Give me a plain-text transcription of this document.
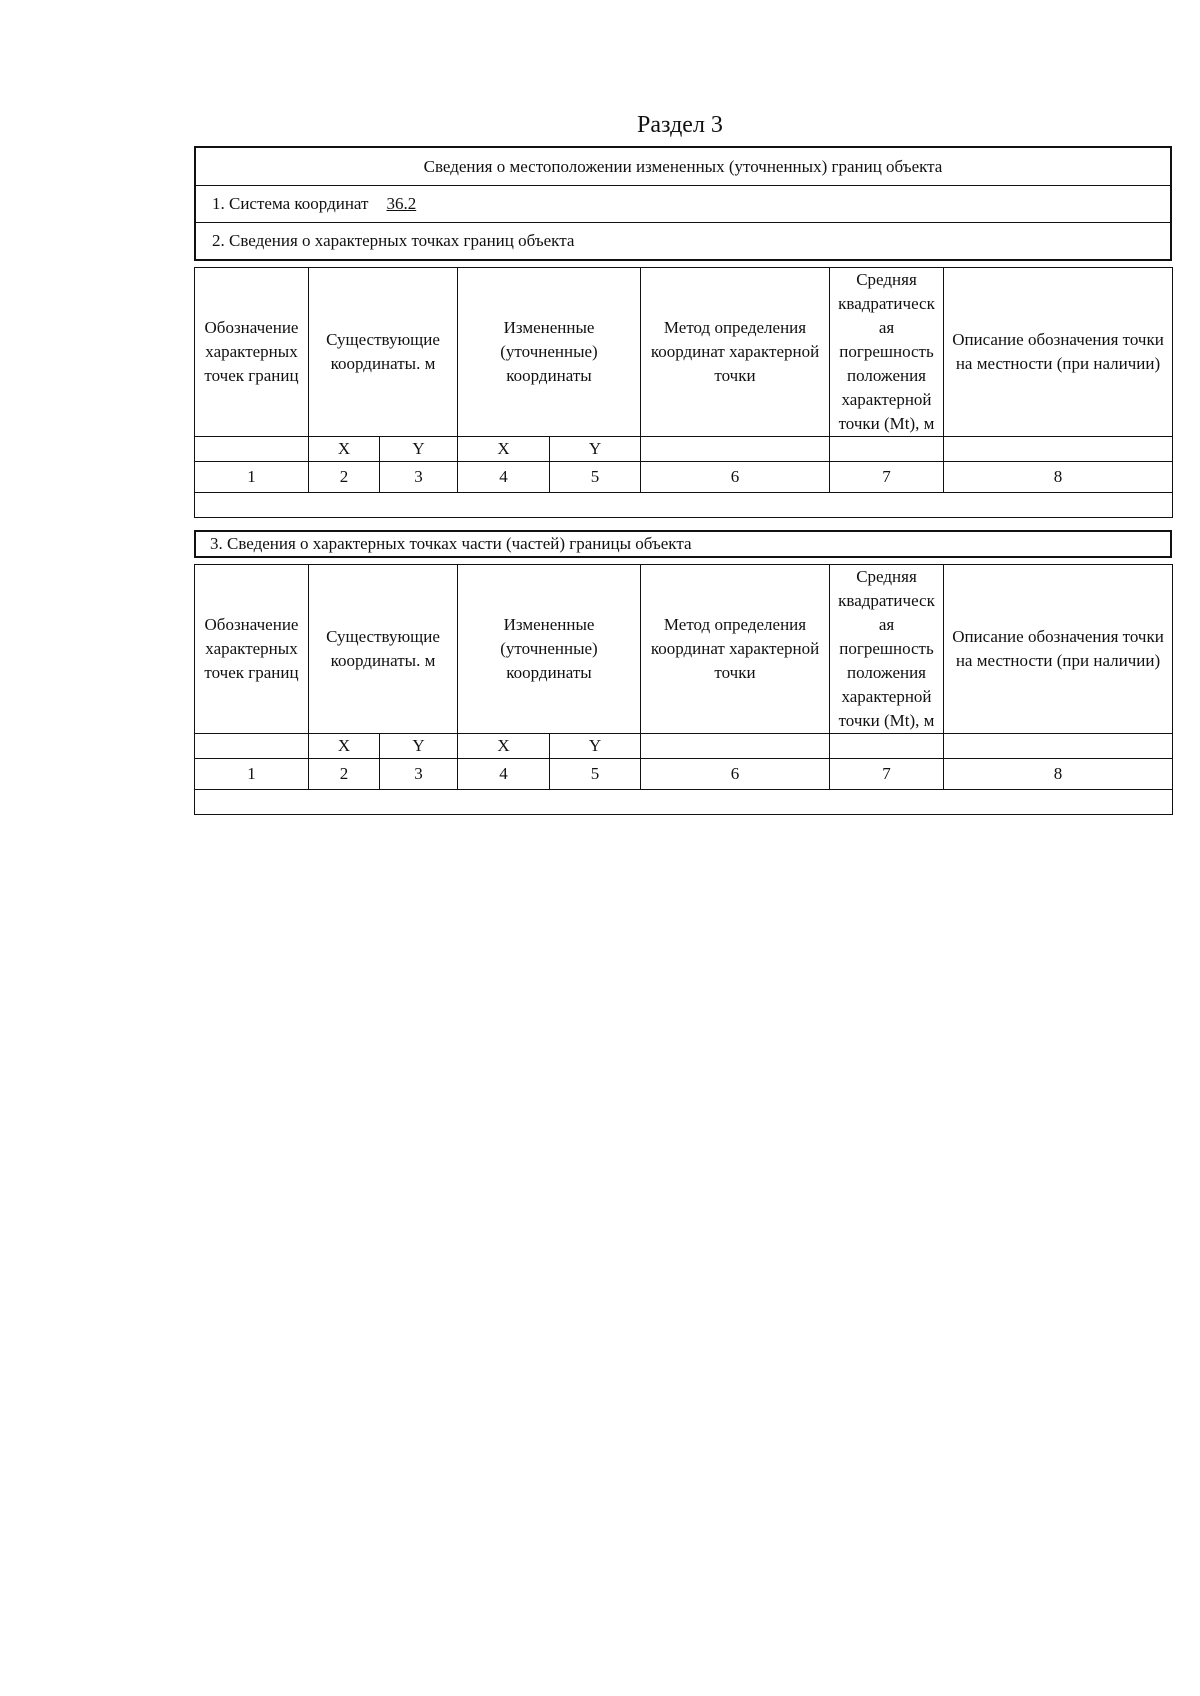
Раздел 3
Сведения о местоположении измененных (уточненных) границ объекта
1. Система координат 36.2
2. Сведения о характерных точках границ объекта
Обозначение характерных точек границ	Существующие координаты. м		Измененные (уточненные) координаты		Метод определения координат характерной точки	Средняя квадратическ ая погрешность положения характерной точки (Mt), м	Описание обозначения точки на местности (при наличии)
	X	Y	X	Y			
1	2	3	4	5	6	7	8

3. Сведения о характерных точках части (частей) границы объекта
Обозначение характерных точек границ	Существующие координаты. м		Измененные (уточненные) координаты		Метод определения координат характерной точки	Средняя квадратическ ая погрешность положения характерной точки (Mt), м	Описание обозначения точки на местности (при наличии)
	X	Y	X	Y			
1	2	3	4	5	6	7	8
